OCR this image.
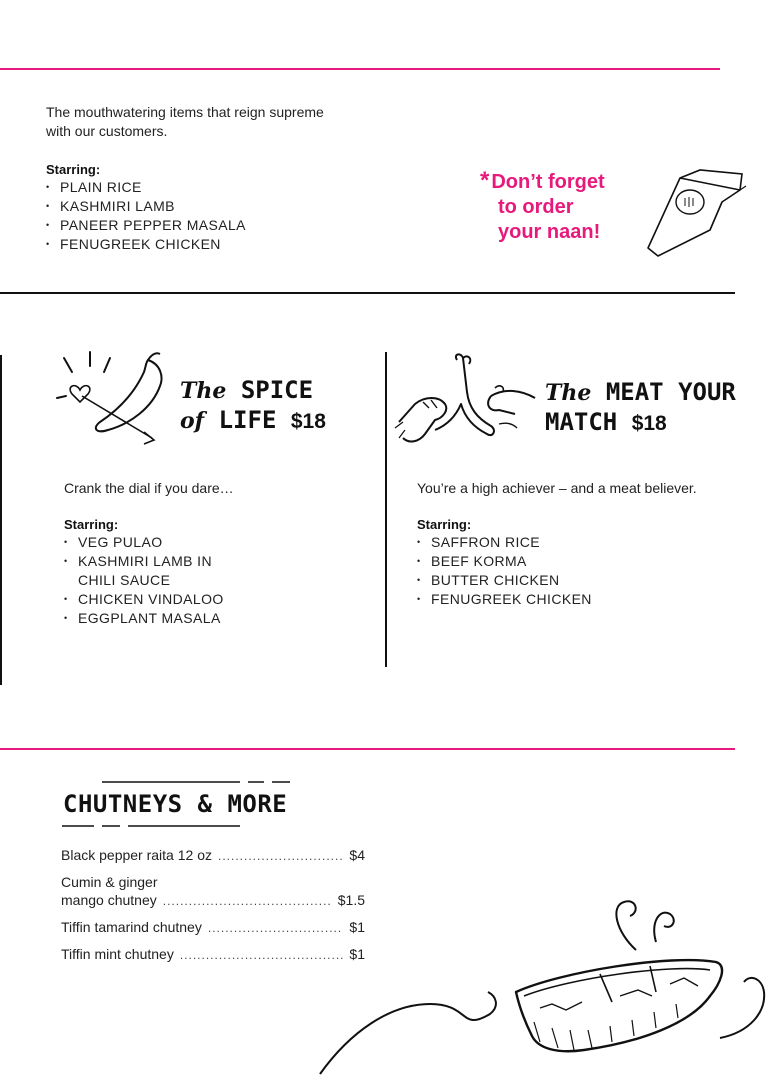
The mouthwatering items that reign supreme
with our customers.
Starring:
• PLAIN RICE
• KASHMIRI LAMB
• PANEER PEPPER MASALA
• FENUGREEK CHICKEN
* Don’t forget
to order
your naan!
The SPICE
of LIFE $18
Crank the dial if you dare…
Starring:
• VEG PULAO
• KASHMIRI LAMB IN
CHILI SAUCE
• CHICKEN VINDALOO
• EGGPLANT MASALA
The MEAT YOUR
MATCH $18
You’re a high achiever – and a meat believer.
Starring:
• SAFFRON RICE
• BEEF KORMA
• BUTTER CHICKEN
• FENUGREEK CHICKEN
CHUTNEYS & MORE
Black pepper raita 12 oz .....	$4
Cumin & ginger
mango chutney .....	$1.5
Tiffin tamarind chutney .....	$1
Tiffin mint chutney .....	$1
